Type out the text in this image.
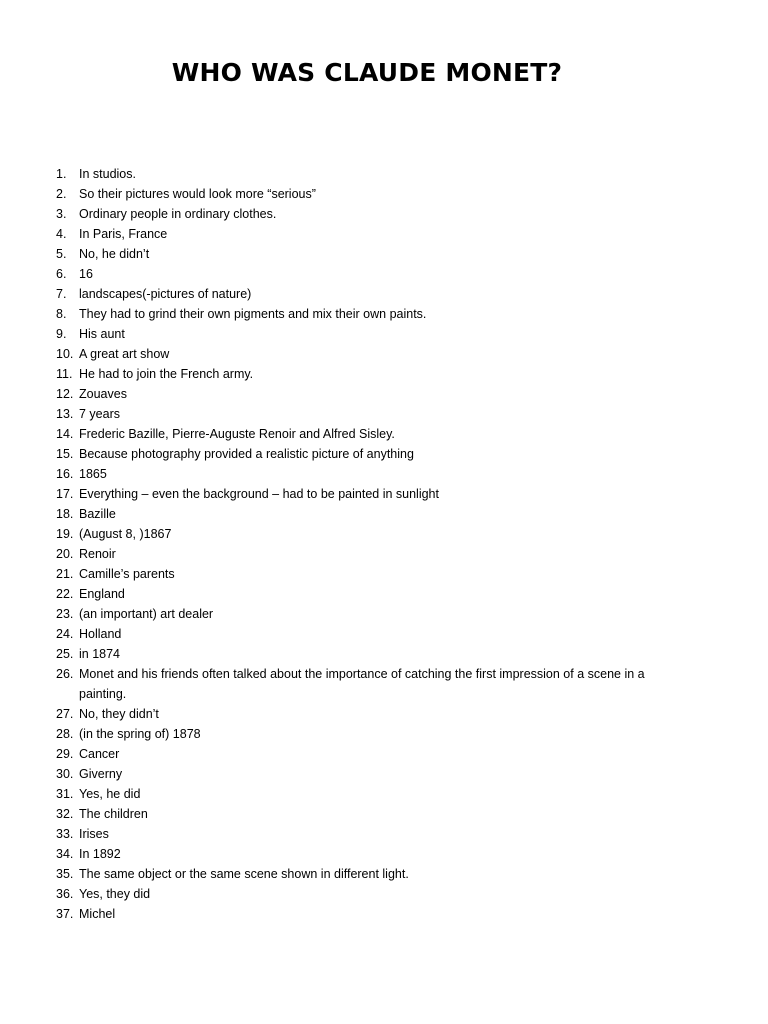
WHO WAS CLAUDE MONET?
1.	In studios.
2.	So their pictures would look more “serious”
3.	Ordinary people in ordinary clothes.
4.	In Paris, France
5.	No, he didn’t
6.	16
7.	landscapes(-pictures of nature)
8.	They had to grind their own pigments and mix their own paints.
9.	His aunt
10. A great art show
11. He had to join the French army.
12. Zouaves
13. 7 years
14. Frederic Bazille, Pierre-Auguste Renoir and Alfred Sisley.
15. Because photography provided a realistic picture of anything
16. 1865
17. Everything – even the background – had to be painted in sunlight
18. Bazille
19. (August 8, )1867
20. Renoir
21. Camille’s parents
22. England
23. (an important) art dealer
24. Holland
25. in 1874
26. Monet and his friends often talked about the importance of catching the first impression of a scene in a painting.
27. No, they didn’t
28. (in the spring of) 1878
29. Cancer
30. Giverny
31. Yes, he did
32. The children
33. Irises
34. In 1892
35. The same object or the same scene shown in different light.
36. Yes, they did
37. Michel
